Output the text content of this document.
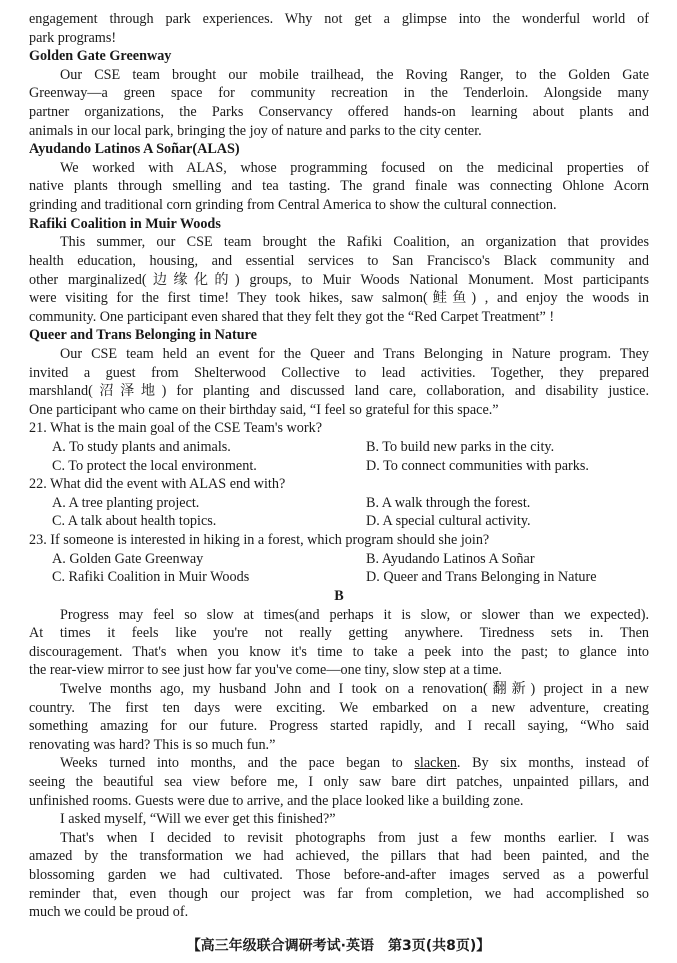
engagement through park experiences. Why not get a glimpse into the wonderful world of
park programs!
Golden Gate Greenway
Our CSE team brought our mobile trailhead, the Roving Ranger, to the Golden Gate
Greenway—a green space for community recreation in the Tenderloin. Alongside many
partner organizations, the Parks Conservancy offered hands-on learning about plants and
animals in our local park, bringing the joy of nature and parks to the city center.
Ayudando Latinos A Soñar(ALAS)
We worked with ALAS, whose programming focused on the medicinal properties of
native plants through smelling and tea tasting. The grand finale was connecting Ohlone Acorn
grinding and traditional corn grinding from Central America to show the cultural connection.
Rafiki Coalition in Muir Woods
This summer, our CSE team brought the Rafiki Coalition, an organization that provides
health education, housing, and essential services to San Francisco's Black community and
other marginalized(边缘化的) groups, to Muir Woods National Monument. Most participants
were visiting for the first time! They took hikes, saw salmon(鲑鱼) , and enjoy the woods in
community. One participant even shared that they felt they got the “Red Carpet Treatment” !
Queer and Trans Belonging in Nature
Our CSE team held an event for the Queer and Trans Belonging in Nature program. They
invited a guest from Shelterwood Collective to lead activities. Together, they prepared
marshland(沼泽地) for planting and discussed land care, collaboration, and disability justice.
One participant who came on their birthday said, “I feel so grateful for this space.”
21. What is the main goal of the CSE Team's work?
A. To study plants and animals.	B. To build new parks in the city.
C. To protect the local environment.	D. To connect communities with parks.
22. What did the event with ALAS end with?
A. A tree planting project.	B. A walk through the forest.
C. A talk about health topics.	D. A special cultural activity.
23. If someone is interested in hiking in a forest, which program should she join?
A. Golden Gate Greenway	B. Ayudando Latinos A Soñar
C. Rafiki Coalition in Muir Woods	D. Queer and Trans Belonging in Nature
B
Progress may feel so slow at times(and perhaps it is slow, or slower than we expected).
At times it feels like you're not really getting anywhere. Tiredness sets in. Then
discouragement. That's when you know it's time to take a peek into the past; to glance into
the rear-view mirror to see just how far you've come—one tiny, slow step at a time.
Twelve months ago, my husband John and I took on a renovation(翻新) project in a new
country. The first ten days were exciting. We embarked on a new adventure, creating
something amazing for our future. Progress started rapidly, and I recall saying, “Who said
renovating was hard? This is so much fun.”
Weeks turned into months, and the pace began to slacken. By six months, instead of
seeing the beautiful sea view before me, I only saw bare dirt patches, unpainted pillars, and
unfinished rooms. Guests were due to arrive, and the place looked like a building zone.
I asked myself, “Will we ever get this finished?”
That's when I decided to revisit photographs from just a few months earlier. I was
amazed by the transformation we had achieved, the pillars that had been painted, and the
blossoming garden we had cultivated. Those before-and-after images served as a powerful
reminder that, even though our project was far from completion, we had accomplished so
much we could be proud of.
【高三年级联合调研考试·英语　第3页(共8页)】
